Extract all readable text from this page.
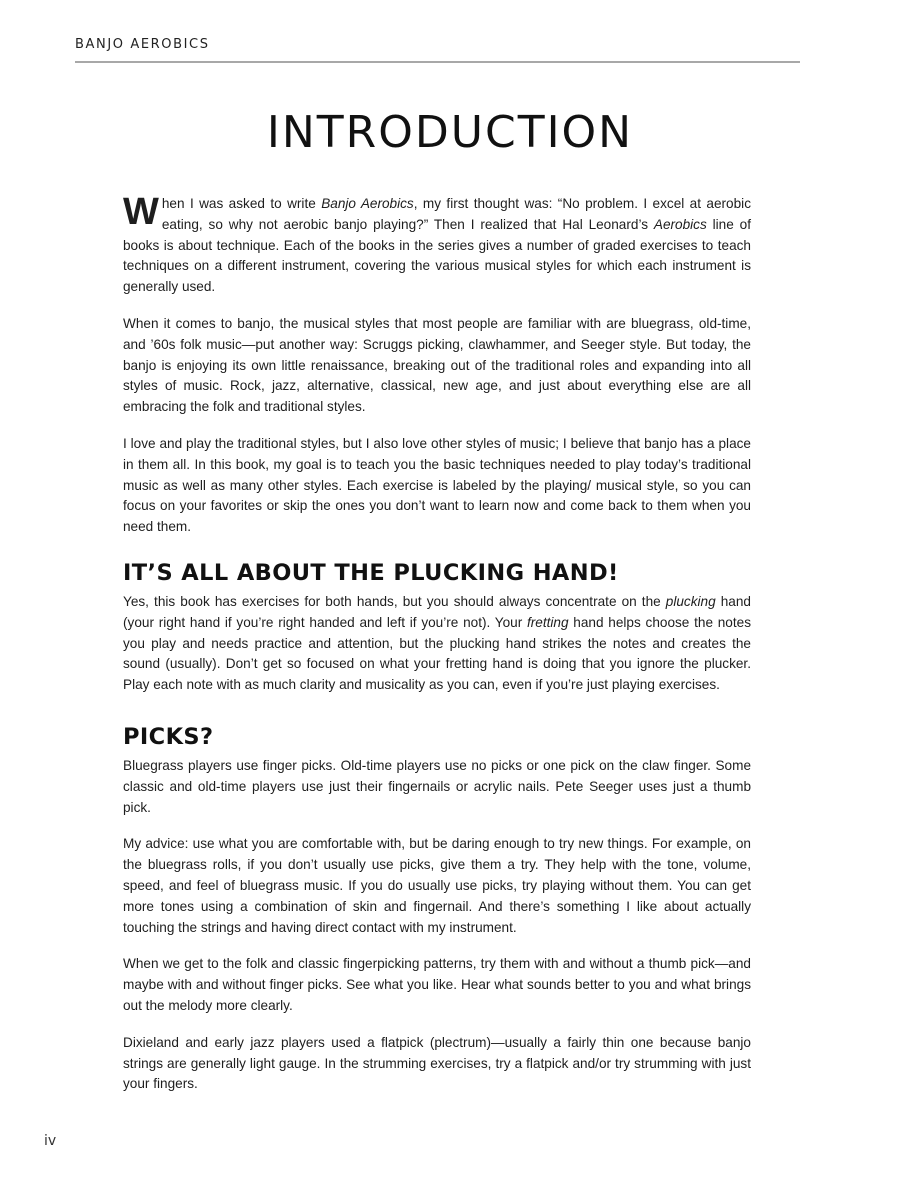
BANJO AEROBICS
INTRODUCTION

When I was asked to write Banjo Aerobics, my first thought was: “No problem. I excel at aerobic eating, so why not aerobic banjo playing?” Then I realized that Hal Leonard’s Aerobics line of books is about technique. Each of the books in the series gives a number of graded exercises to teach techniques on a different instrument, covering the various musical styles for which each instrument is generally used.

When it comes to banjo, the musical styles that most people are familiar with are bluegrass, old-time, and ’60s folk music—put another way: Scruggs picking, clawhammer, and Seeger style. But today, the banjo is enjoying its own little renaissance, breaking out of the traditional roles and expanding into all styles of music. Rock, jazz, alternative, classical, new age, and just about everything else are all embracing the folk and traditional styles.

I love and play the traditional styles, but I also love other styles of music; I believe that banjo has a place in them all. In this book, my goal is to teach you the basic techniques needed to play today’s traditional music as well as many other styles. Each exercise is labeled by the playing/ musical style, so you can focus on your favorites or skip the ones you don’t want to learn now and come back to them when you need them.

IT’S ALL ABOUT THE PLUCKING HAND!

Yes, this book has exercises for both hands, but you should always concentrate on the plucking hand (your right hand if you’re right handed and left if you’re not). Your fretting hand helps choose the notes you play and needs practice and attention, but the plucking hand strikes the notes and creates the sound (usually). Don’t get so focused on what your fretting hand is doing that you ignore the plucker. Play each note with as much clarity and musicality as you can, even if you’re just playing exercises.

PICKS?

Bluegrass players use finger picks. Old-time players use no picks or one pick on the claw finger. Some classic and old-time players use just their fingernails or acrylic nails. Pete Seeger uses just a thumb pick.

My advice: use what you are comfortable with, but be daring enough to try new things. For example, on the bluegrass rolls, if you don’t usually use picks, give them a try. They help with the tone, volume, speed, and feel of bluegrass music. If you do usually use picks, try playing without them. You can get more tones using a combination of skin and fingernail. And there’s something I like about actually touching the strings and having direct contact with my instrument.

When we get to the folk and classic fingerpicking patterns, try them with and without a thumb pick—and maybe with and without finger picks. See what you like. Hear what sounds better to you and what brings out the melody more clearly.

Dixieland and early jazz players used a flatpick (plectrum)—usually a fairly thin one because banjo strings are generally light gauge. In the strumming exercises, try a flatpick and/or try strumming with just your fingers.

iv
